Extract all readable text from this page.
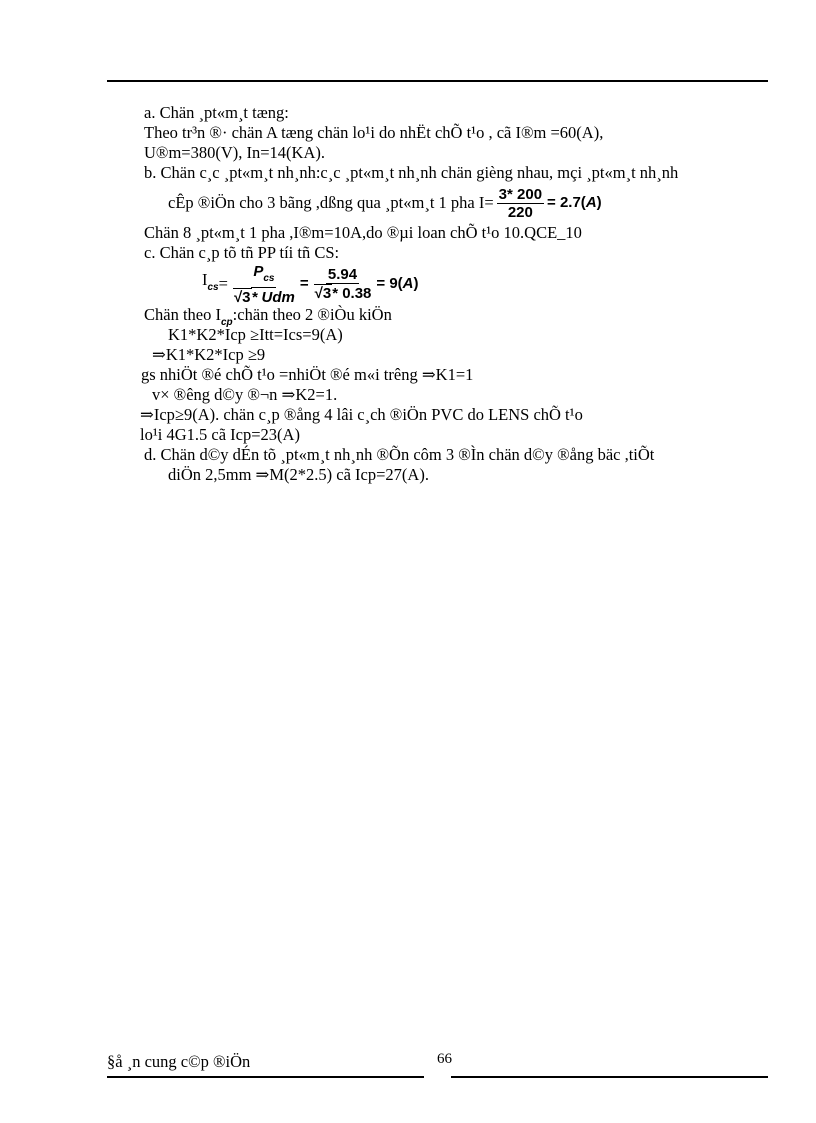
a. Chän ¸pt«m¸t tæng:
Theo tr³n ®· chän A tæng chän lo¹i do nhËt chÕ t¹o , cã I®m =60(A),
U®m=380(V), In=14(KA).
b. Chän c¸c ¸pt«m¸t nh¸nh:c¸c ¸pt«m¸t nh¸nh chän gièng nhau, mçi ¸pt«m¸t nh¸nh
cÊp ®iÖn cho 3 bãng ,dßng qua ¸pt«m¸t 1 pha $I= \frac{3* 200}{220} = 2.7(A)$
Chän 8 ¸pt«m¸t 1 pha ,I®m=10A,do ®µi loan chÕ t¹o 10.QCE_10
c. Chän c¸p tõ tñ PP tíi tñ CS:
$I_{cs} = \frac{P_{cs}}{\text{√3* Udm}} = \frac{5.94}{√3* 0.38} = 9(A)$
Chän theo $I_{cp}:chän$ theo 2 ®iÒu kiÖn
K1*K2*Icp ≥Itt=Ics=9(A)
⇒K1*K2*Icp ≥9
gs nhiÖt ®é chÕ t¹o =nhiÖt ®é m«i trêng ⇒K1=1
v× ®êng d©y ®¬n ⇒K2=1.
⇒Icp≥9(A). chän c¸p ®ång 4 lâi c¸ch ®iÖn PVC do LENS chÕ t¹o
lo¹i 4G1.5 cã Icp=23(A)
d. Chän d©y dÉn tõ ¸pt«m¸t nh¸nh ®Õn côm 3 ®Ìn chän d©y ®ång bäc ,tiÕt
diÖn 2,5mm ⇒M(2*2.5) cã Icp=27(A).
§å ¸n cung c©p ®iÖn	66
